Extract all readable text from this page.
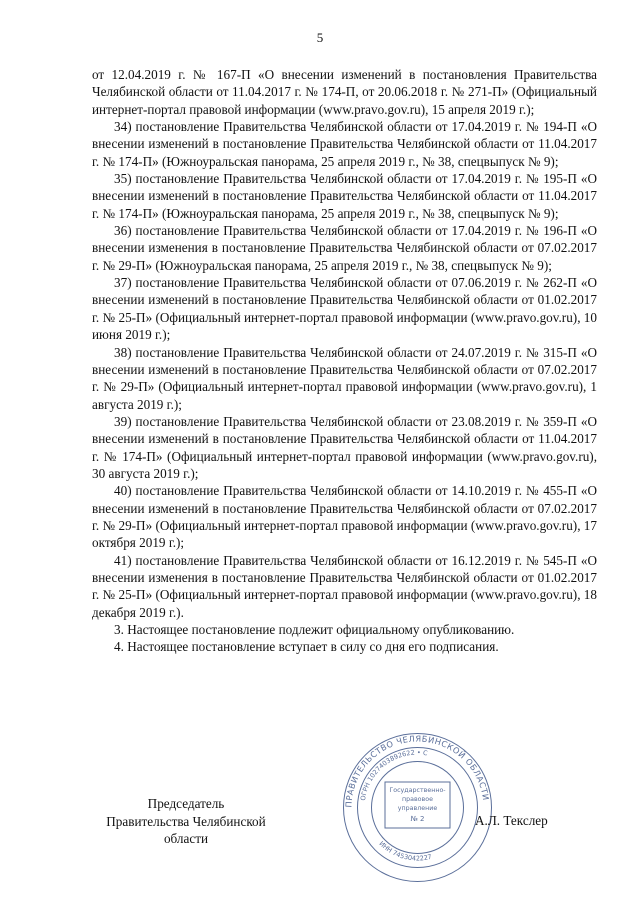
5

от 12.04.2019 г. № 167-П «О внесении изменений в постановления Правительства Челябинской области от 11.04.2017 г. № 174-П, от 20.06.2018 г. № 271-П» (Официальный интернет-портал правовой информации (www.pravo.gov.ru), 15 апреля 2019 г.);

34) постановление Правительства Челябинской области от 17.04.2019 г. № 194-П «О внесении изменений в постановление Правительства Челябинской области от 11.04.2017 г. № 174-П» (Южноуральская панорама, 25 апреля 2019 г., № 38, спецвыпуск № 9);

35) постановление Правительства Челябинской области от 17.04.2019 г. № 195-П «О внесении изменений в постановление Правительства Челябинской области от 11.04.2017 г. № 174-П» (Южноуральская панорама, 25 апреля 2019 г., № 38, спецвыпуск № 9);

36) постановление Правительства Челябинской области от 17.04.2019 г. № 196-П «О внесении изменения в постановление Правительства Челябинской области от 07.02.2017 г. № 29-П» (Южноуральская панорама, 25 апреля 2019 г., № 38, спецвыпуск № 9);

37) постановление Правительства Челябинской области от 07.06.2019 г. № 262-П «О внесении изменений в постановление Правительства Челябинской области от 01.02.2017 г. № 25-П» (Официальный интернет-портал правовой информации (www.pravo.gov.ru), 10 июня 2019 г.);

38) постановление Правительства Челябинской области от 24.07.2019 г. № 315-П «О внесении изменений в постановление Правительства Челябинской области от 07.02.2017 г. № 29-П» (Официальный интернет-портал правовой информации (www.pravo.gov.ru), 1 августа 2019 г.);

39) постановление Правительства Челябинской области от 23.08.2019 г. № 359-П «О внесении изменений в постановление Правительства Челябинской области от 11.04.2017 г. № 174-П» (Официальный интернет-портал правовой информации (www.pravo.gov.ru), 30 августа 2019 г.);

40) постановление Правительства Челябинской области от 14.10.2019 г. № 455-П «О внесении изменений в постановление Правительства Челябинской области от 07.02.2017 г. № 29-П» (Официальный интернет-портал правовой информации (www.pravo.gov.ru), 17 октября 2019 г.);

41) постановление Правительства Челябинской области от 16.12.2019 г. № 545-П «О внесении изменения в постановление Правительства Челябинской области от 01.02.2017 г. № 25-П» (Официальный интернет-портал правовой информации (www.pravo.gov.ru), 18 декабря 2019 г.).

3. Настоящее постановление подлежит официальному опубликованию.

4. Настоящее постановление вступает в силу со дня его подписания.

Председатель
Правительства Челябинской области
ПРАВИТЕЛЬСТВО ЧЕЛЯБИНСКОЙ ОБЛАСТИ
ОГРН 1027403892622 • С
ИНН 7453042227
Государственно-
правовое
управление
№ 2	А.Л. Текслер
